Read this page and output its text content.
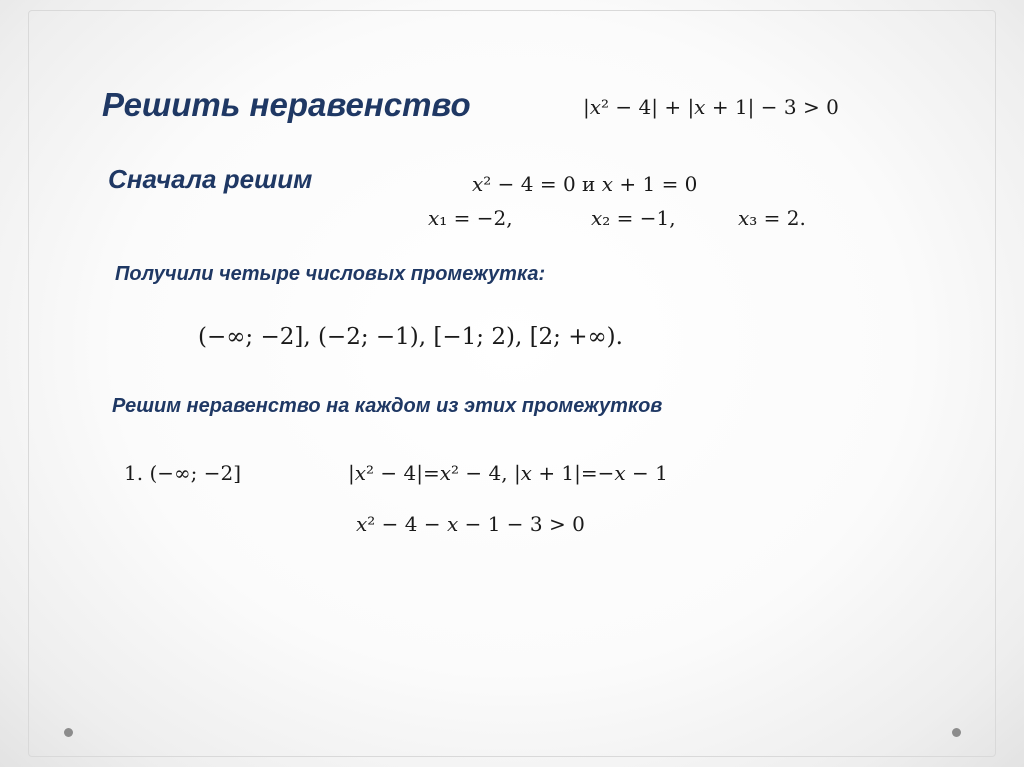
Решить неравенство	|𝑥² − 4| + |𝑥 + 1| − 3 > 0
Сначала решим	𝑥² − 4 = 0 и 𝑥 + 1 = 0
𝑥₁ = −2,	𝑥₂ = −1,	𝑥₃ = 2.
Получили четыре числовых промежутка:
(−∞; −2], (−2; −1), [−1; 2), [2; +∞).
Решим неравенство на каждом из этих промежутков
1. (−∞; −2]	|𝑥² − 4|=𝑥² − 4, |𝑥 + 1|=−𝑥 − 1
𝑥² − 4 − 𝑥 − 1 − 3 > 0
